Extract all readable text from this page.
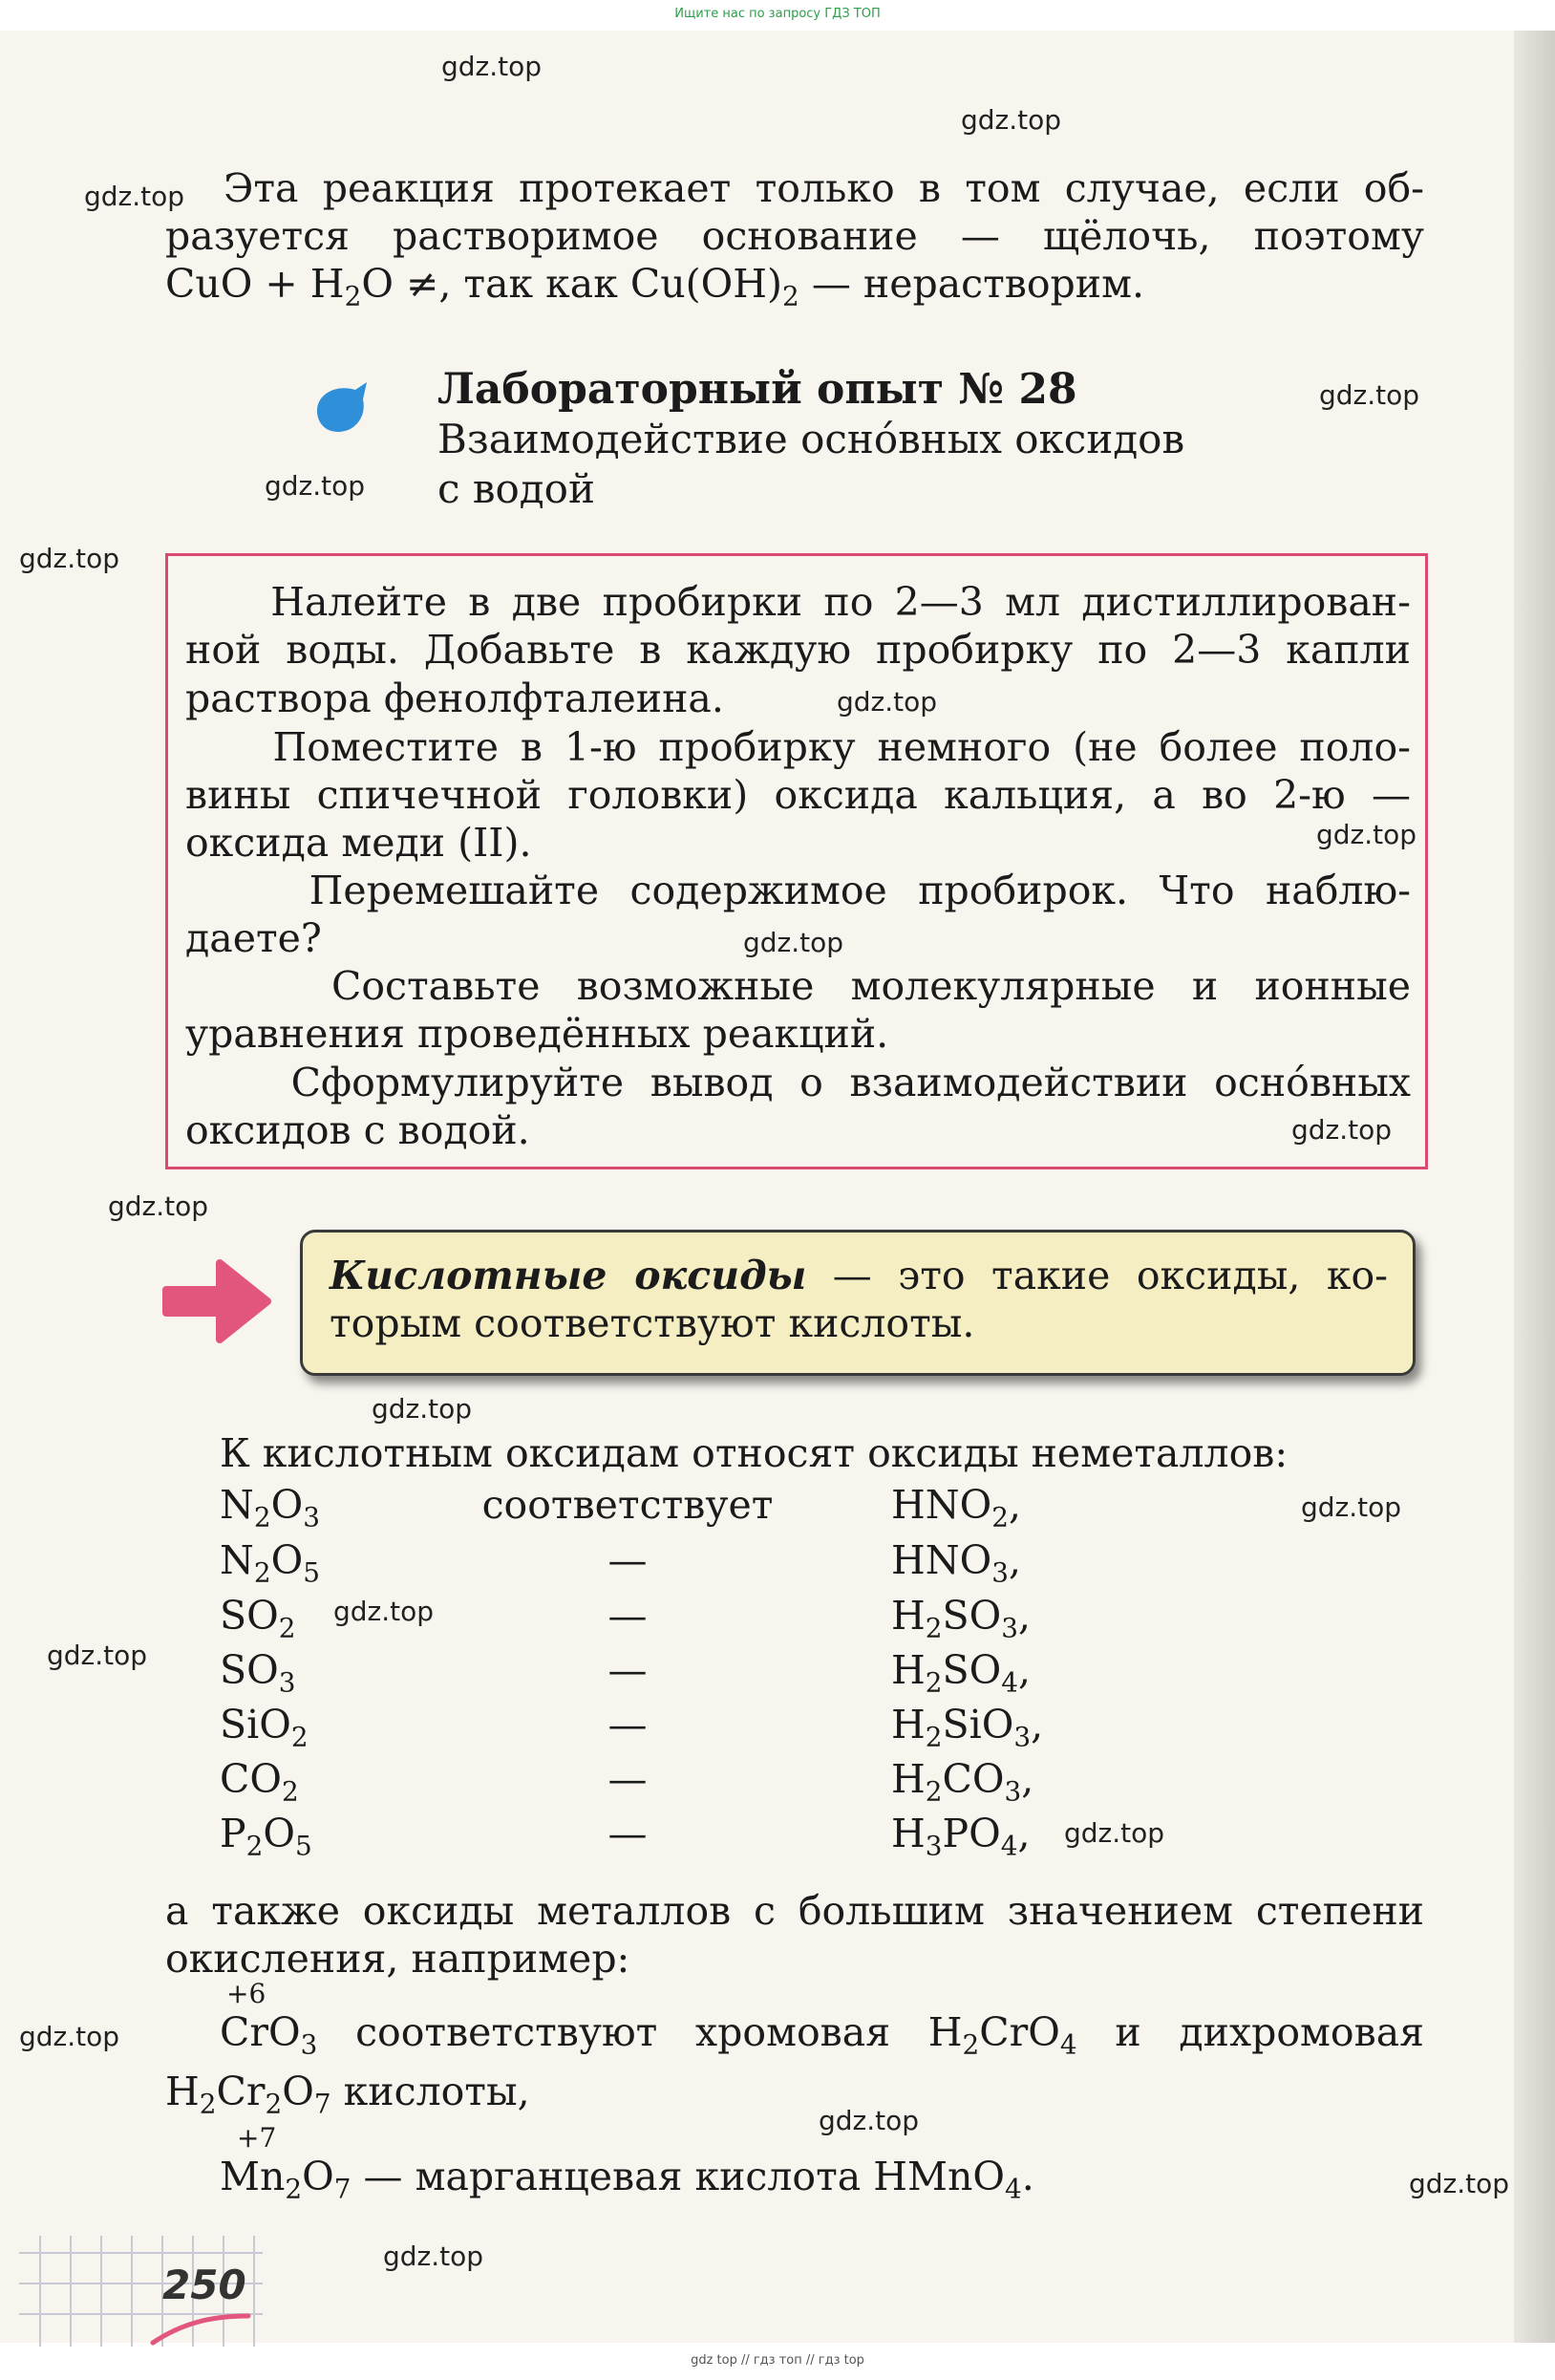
Ищите нас по запросу ГДЗ ТОП
gdz.top
gdz.top
gdz.top
gdz.top
gdz.top
gdz.top
gdz.top
gdz.top
gdz.top
gdz.top
gdz.top
gdz.top
gdz.top
gdz.top
gdz.top
gdz.top
gdz.top
gdz.top
gdz.top
gdz.top

Эта реакция протекает только в том случае, если об-

разуется растворимое основание — щёлочь, поэтому

CuO + $H_2O$ ≠, так как $Cu(OH)_2$ — нерастворим.

Лабораторный опыт № 28
Взаимодействие осно́вных оксидов
с водой
Налейте в две пробирки по 2—3 мл дистиллирован-
ной воды. Добавьте в каждую пробирку по 2—3 капли
раствора фенолфталеина.
Поместите в 1-ю пробирку немного (не более поло-
вины спичечной головки) оксида кальция, а во 2-ю —
оксида меди (II).
Перемешайте содержимое пробирок. Что наблю-
даете?
Составьте возможные молекулярные и ионные
уравнения проведённых реакций.
Сформулируйте вывод о взаимодействии осно́вных
оксидов с водой.
Кислотные оксиды — это такие оксиды, ко-
торым соответствуют кислоты.

К кислотным оксидам относят оксиды неметаллов:

$N_2O_3$	соответствует	$HNO_2$,
$N_2O_5$	—	$HNO_3$,
$SO_2$	—	$H_2SO_3$,
$SO_3$	—	$H_2SO_4$,
SiO$_2$	—	$H_2SiO_3$,
$CO_2$	—	$H_2CO_3$,
$P_2O_5$	—	$H_3PO_4$,

а также оксиды металлов с большим значением степени

окисления, например:

+6

CrO$_3$ соответствуют хромовая $H_2CrO_4$ и дихромовая

$H_2Cr_2O_7$ кислоты,

+7

$Mn_2O_7$ — марганцевая кислота HMnO$_4$.

250
gdz top // гдз топ // гдз top
